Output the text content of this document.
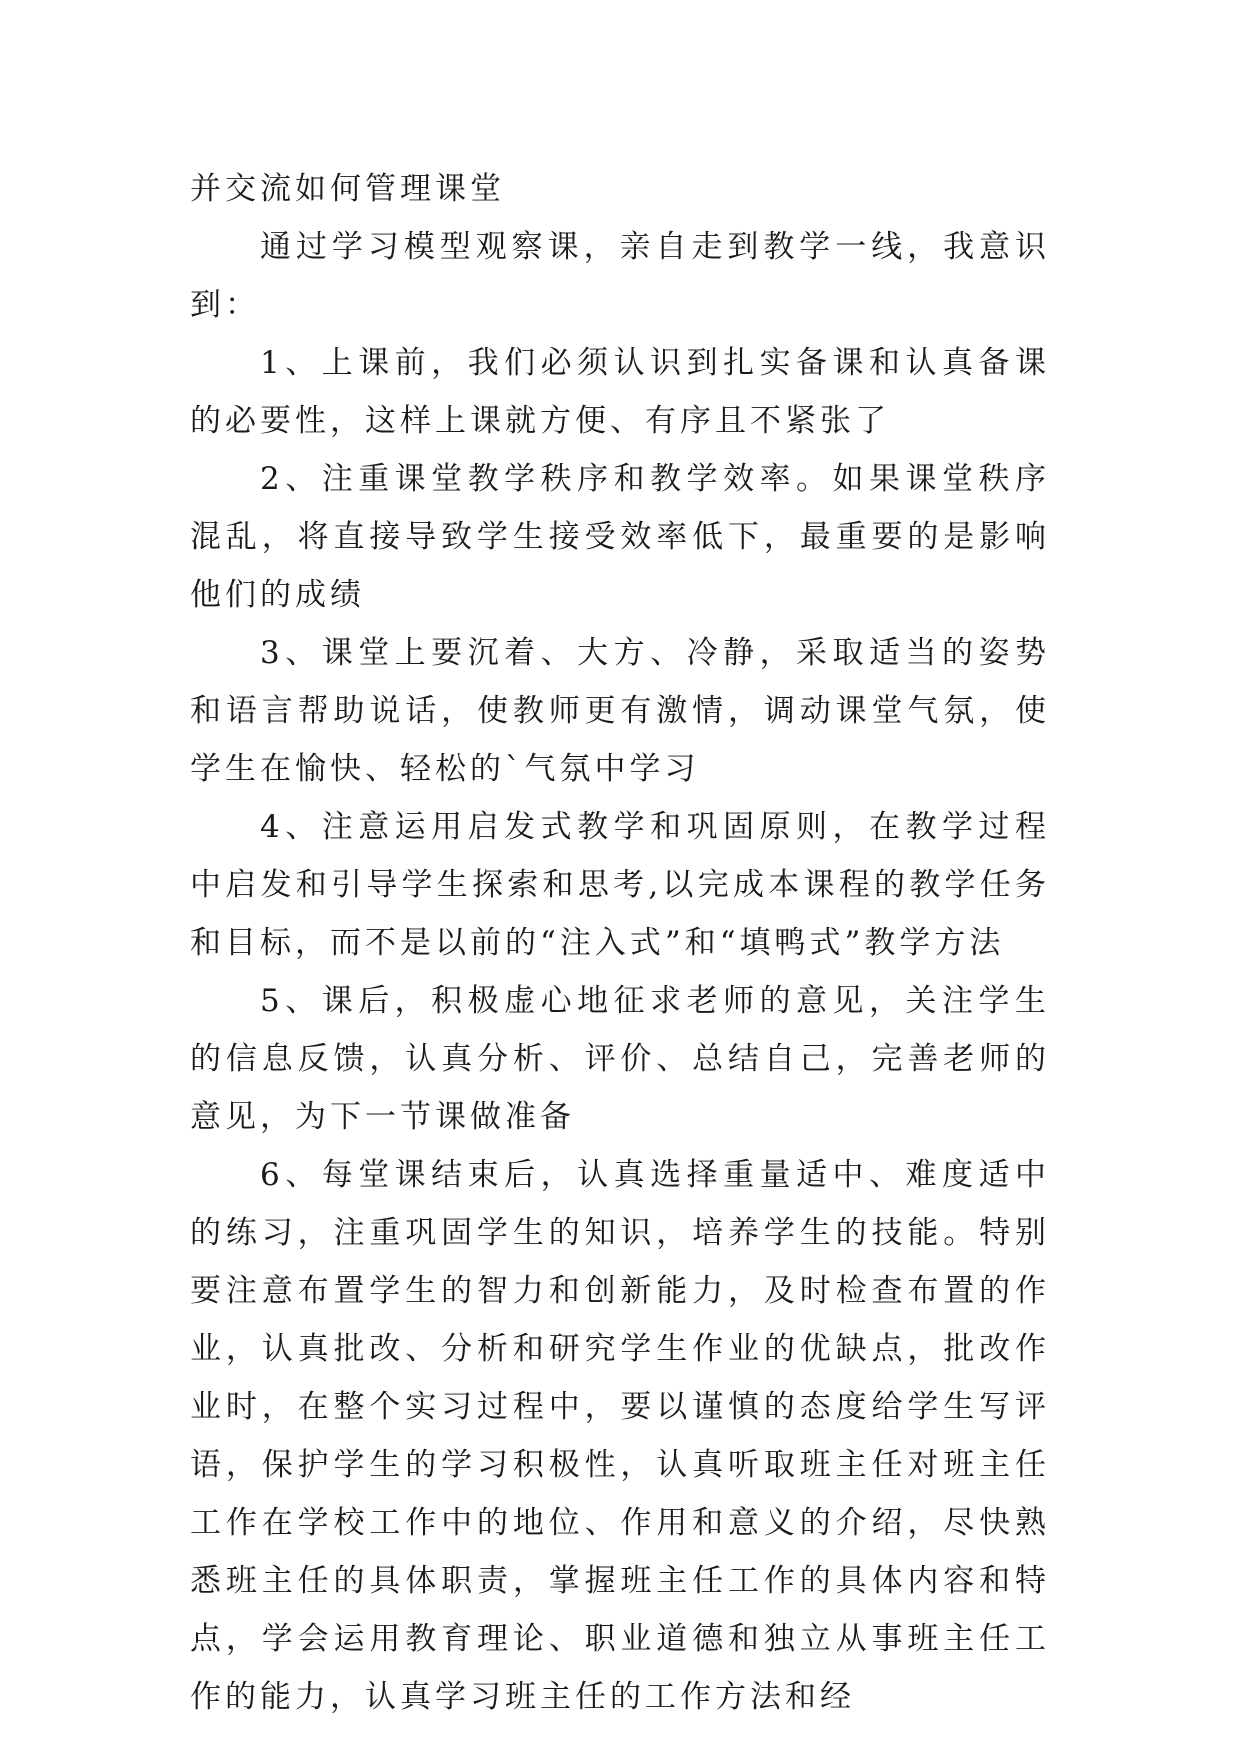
并交流如何管理课堂

通过学习模型观察课，亲自走到教学一线，我意识到：

1、上课前，我们必须认识到扎实备课和认真备课的必要性，这样上课就方便、有序且不紧张了

2、注重课堂教学秩序和教学效率。如果课堂秩序混乱，将直接导致学生接受效率低下，最重要的是影响他们的成绩

3、课堂上要沉着、大方、冷静，采取适当的姿势和语言帮助说话，使教师更有激情，调动课堂气氛，使学生在愉快、轻松的`气氛中学习

4、注意运用启发式教学和巩固原则，在教学过程中启发和引导学生探索和思考,以完成本课程的教学任务和目标，而不是以前的“注入式”和“填鸭式”教学方法

5、课后，积极虚心地征求老师的意见，关注学生的信息反馈，认真分析、评价、总结自己，完善老师的意见，为下一节课做准备

6、每堂课结束后，认真选择重量适中、难度适中的练习，注重巩固学生的知识，培养学生的技能。特别要注意布置学生的智力和创新能力，及时检查布置的作业，认真批改、分析和研究学生作业的优缺点，批改作业时，在整个实习过程中，要以谨慎的态度给学生写评语，保护学生的学习积极性，认真听取班主任对班主任工作在学校工作中的地位、作用和意义的介绍，尽快熟悉班主任的具体职责，掌握班主任工作的具体内容和特点，学会运用教育理论、职业道德和独立从事班主任工作的能力，认真学习班主任的工作方法和经
